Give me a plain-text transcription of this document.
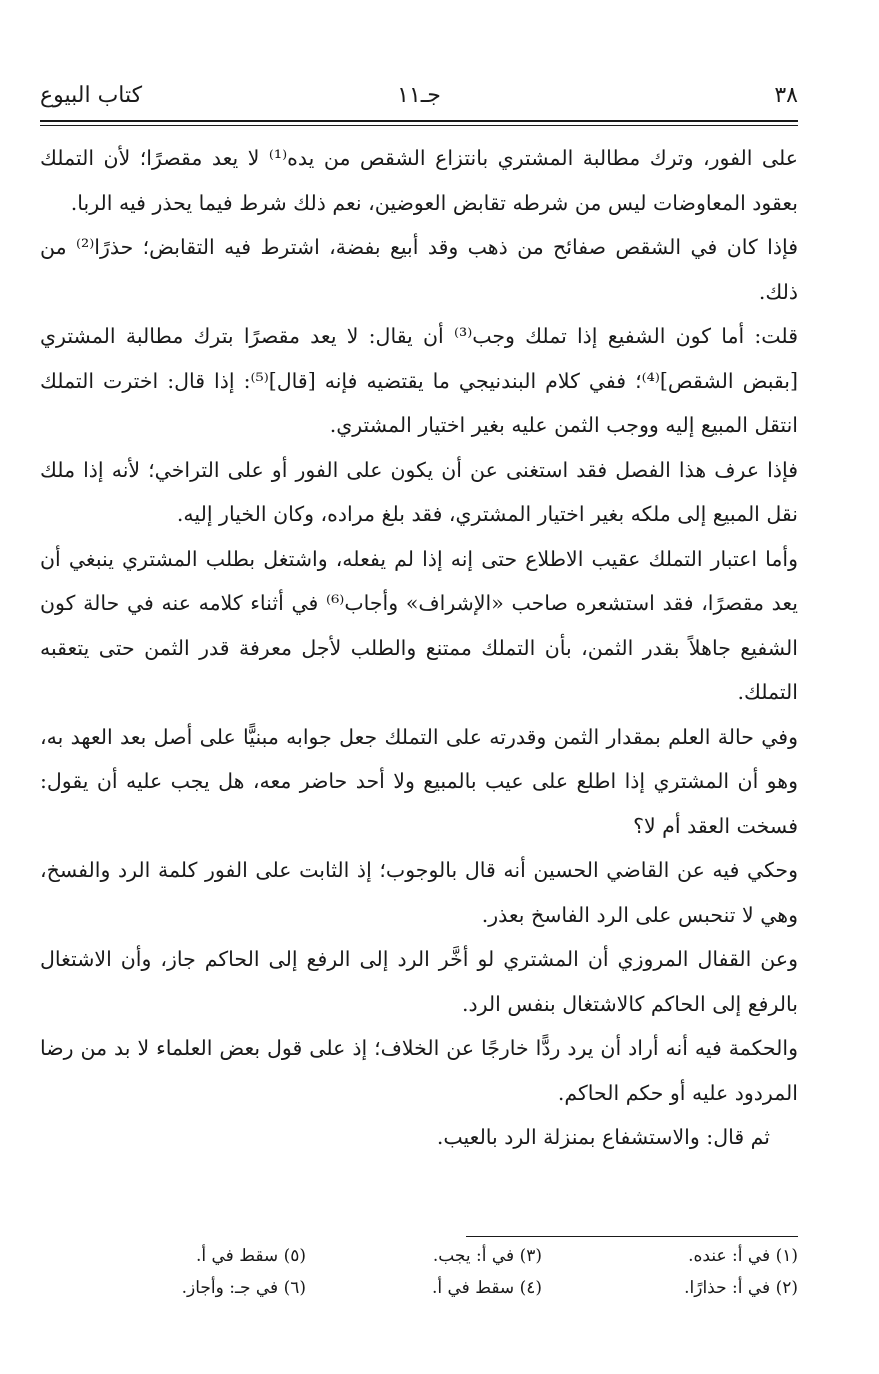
٣٨
جـ١١
كتاب البيوع

على الفور، وترك مطالبة المشتري بانتزاع الشقص من يده⁽¹⁾ لا يعد مقصرًا؛ لأن التملك بعقود المعاوضات ليس من شرطه تقابض العوضين، نعم ذلك شرط فيما يحذر فيه الربا.

فإذا كان في الشقص صفائح من ذهب وقد أبيع بفضة، اشترط فيه التقابض؛ حذرًا⁽²⁾ من ذلك.

قلت: أما كون الشفيع إذا تملك وجب⁽³⁾ أن يقال: لا يعد مقصرًا بترك مطالبة المشتري [بقبض الشقص]⁽⁴⁾؛ ففي كلام البندنيجي ما يقتضيه فإنه [قال]⁽⁵⁾: إذا قال: اخترت التملك انتقل المبيع إليه ووجب الثمن عليه بغير اختيار المشتري.

فإذا عرف هذا الفصل فقد استغنى عن أن يكون على الفور أو على التراخي؛ لأنه إذا ملك نقل المبيع إلى ملكه بغير اختيار المشتري، فقد بلغ مراده، وكان الخيار إليه.

وأما اعتبار التملك عقيب الاطلاع حتى إنه إذا لم يفعله، واشتغل بطلب المشتري ينبغي أن يعد مقصرًا، فقد استشعره صاحب «الإشراف» وأجاب⁽⁶⁾ في أثناء كلامه عنه في حالة كون الشفيع جاهلاً بقدر الثمن، بأن التملك ممتنع والطلب لأجل معرفة قدر الثمن حتى يتعقبه التملك.

وفي حالة العلم بمقدار الثمن وقدرته على التملك جعل جوابه مبنيًّا على أصل بعد العهد به، وهو أن المشتري إذا اطلع على عيب بالمبيع ولا أحد حاضر معه، هل يجب عليه أن يقول: فسخت العقد أم لا؟

وحكي فيه عن القاضي الحسين أنه قال بالوجوب؛ إذ الثابت على الفور كلمة الرد والفسخ، وهي لا تنحبس على الرد الفاسخ بعذر.

وعن القفال المروزي أن المشتري لو أخَّر الرد إلى الرفع إلى الحاكم جاز، وأن الاشتغال بالرفع إلى الحاكم كالاشتغال بنفس الرد.

والحكمة فيه أنه أراد أن يرد ردًّا خارجًا عن الخلاف؛ إذ على قول بعض العلماء لا بد من رضا المردود عليه أو حكم الحاكم.

ثم قال: والاستشفاع بمنزلة الرد بالعيب.

(١) في أ: عنده.
(٣) في أ: يجب.
(٥) سقط في أ.
(٢) في أ: حذارًا.
(٤) سقط في أ.
(٦) في جـ: وأجاز.
